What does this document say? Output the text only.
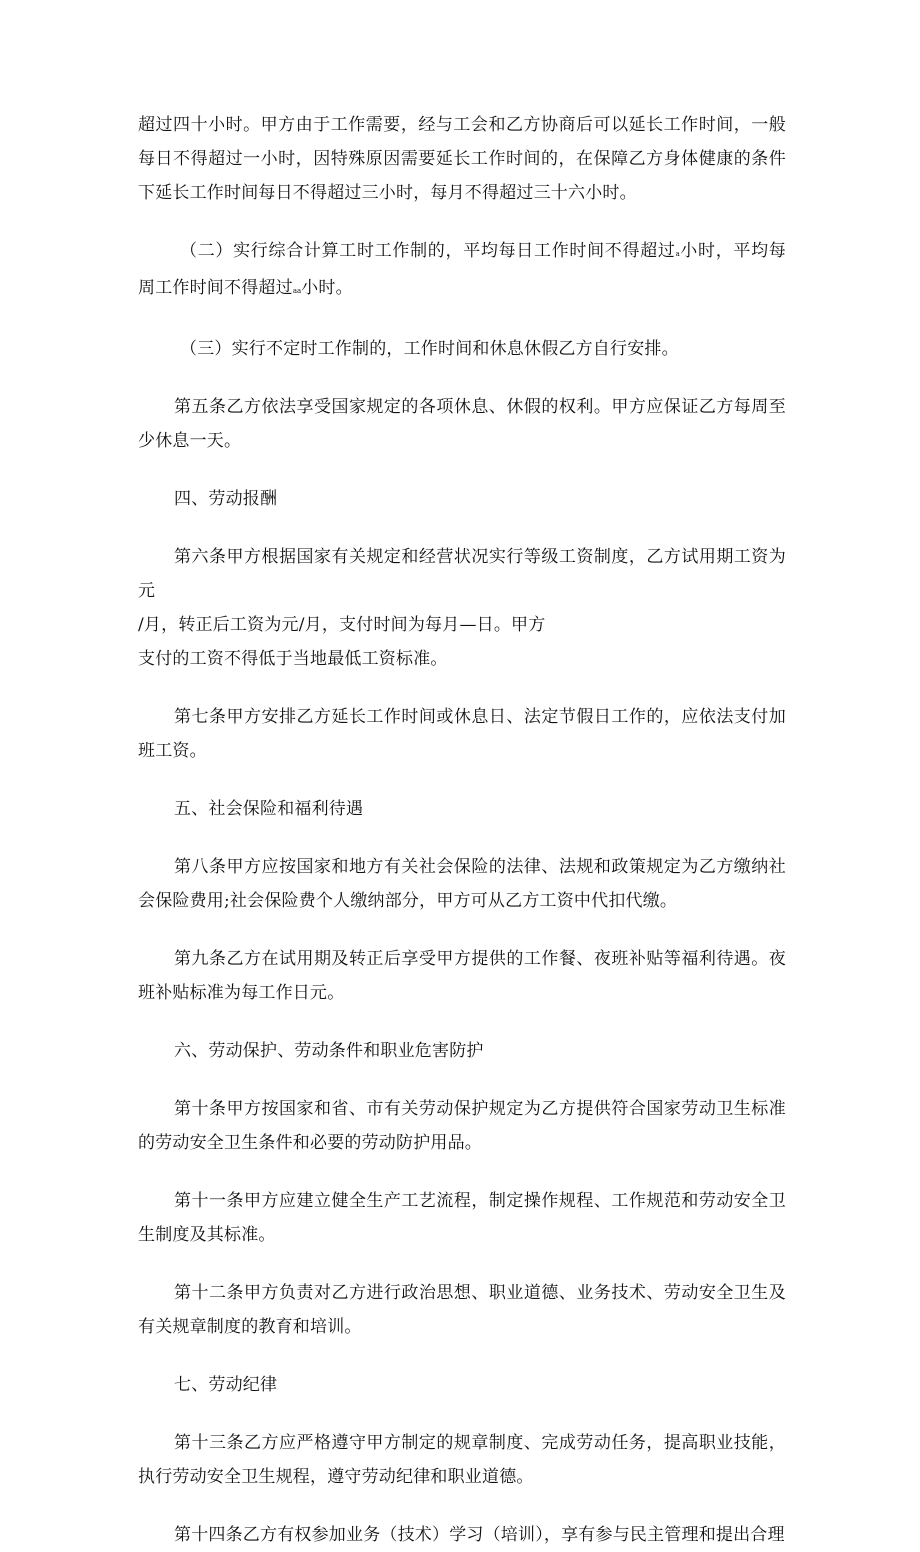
超过四十小时。甲方由于工作需要，经与工会和乙方协商后可以延长工作时间，一般每日不得超过一小时，因特殊原因需要延长工作时间的，在保障乙方身体健康的条件下延长工作时间每日不得超过三小时，每月不得超过三十六小时。

（二）实行综合计算工时工作制的，平均每日工作时间不得超过a小时，平均每周工作时间不得超过aa小时。

（三）实行不定时工作制的，工作时间和休息休假乙方自行安排。

第五条乙方依法享受国家规定的各项休息、休假的权利。甲方应保证乙方每周至少休息一天。

四、劳动报酬

第六条甲方根据国家有关规定和经营状况实行等级工资制度，乙方试用期工资为元
/月，转正后工资为元/月，支付时间为每月—日。甲方
支付的工资不得低于当地最低工资标准。

第七条甲方安排乙方延长工作时间或休息日、法定节假日工作的，应依法支付加班工资。

五、社会保险和福利待遇

第八条甲方应按国家和地方有关社会保险的法律、法规和政策规定为乙方缴纳社会保险费用;社会保险费个人缴纳部分，甲方可从乙方工资中代扣代缴。

第九条乙方在试用期及转正后享受甲方提供的工作餐、夜班补贴等福利待遇。夜班补贴标准为每工作日元。

六、劳动保护、劳动条件和职业危害防护

第十条甲方按国家和省、市有关劳动保护规定为乙方提供符合国家劳动卫生标准的劳动安全卫生条件和必要的劳动防护用品。

第十一条甲方应建立健全生产工艺流程，制定操作规程、工作规范和劳动安全卫生制度及其标准。

第十二条甲方负责对乙方进行政治思想、职业道德、业务技术、劳动安全卫生及有关规章制度的教育和培训。

七、劳动纪律

第十三条乙方应严格遵守甲方制定的规章制度、完成劳动任务，提高职业技能，执行劳动安全卫生规程，遵守劳动纪律和职业道德。

第十四条乙方有权参加业务（技术）学习（培训），享有参与民主管理和提出合理
